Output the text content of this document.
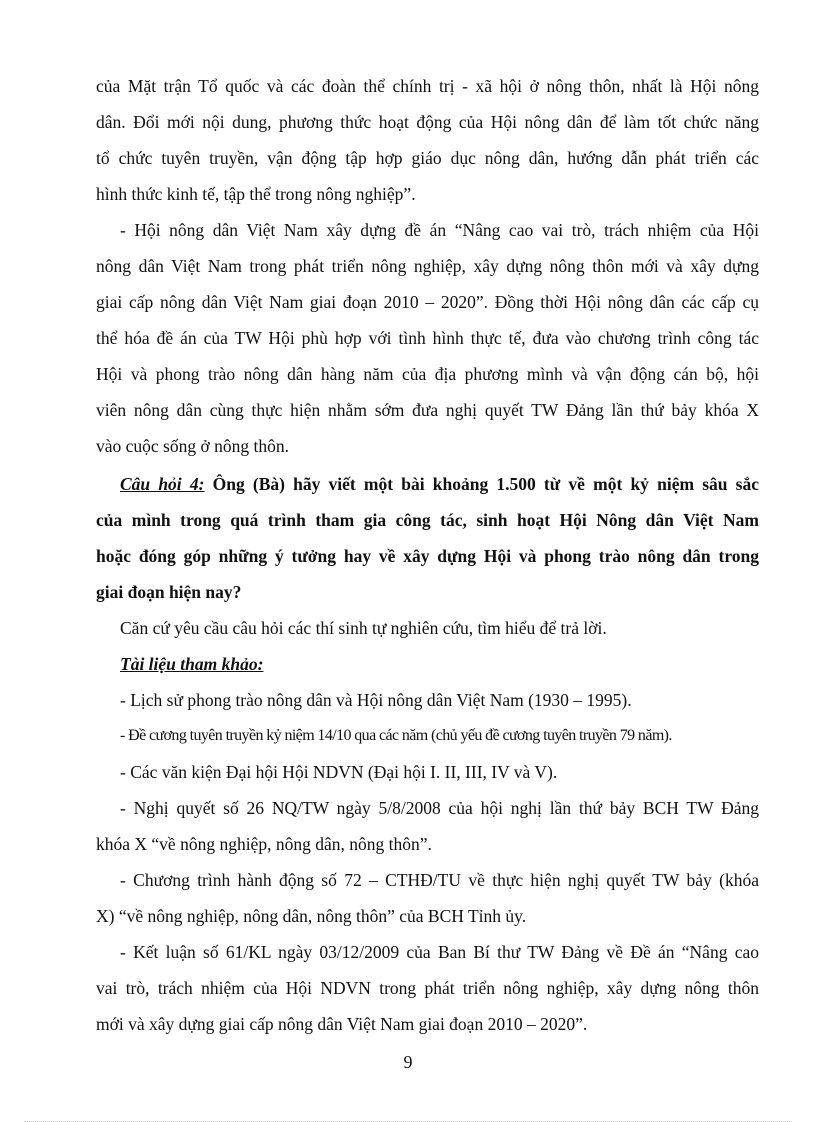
của Mặt trận Tổ quốc và các đoàn thể chính trị - xã hội ở nông thôn, nhất là Hội nông
dân. Đổi mới nội dung, phương thức hoạt động của Hội nông dân để làm tốt chức năng
tổ chức tuyên truyền, vận động tập hợp giáo dục nông dân, hướng dẫn phát triển các
hình thức kinh tế, tập thể trong nông nghiệp”.
- Hội nông dân Việt Nam xây dựng đề án “Nâng cao vai trò, trách nhiệm của Hội
nông dân Việt Nam trong phát triển nông nghiệp, xây dựng nông thôn mới và xây dựng
giai cấp nông dân Việt Nam giai đoạn 2010 – 2020”. Đồng thời Hội nông dân các cấp cụ
thể hóa đề án của TW Hội phù hợp với tình hình thực tế, đưa vào chương trình công tác
Hội và phong trào nông dân hàng năm của địa phương mình và vận động cán bộ, hội
viên nông dân cùng thực hiện nhằm sớm đưa nghị quyết TW Đảng lần thứ bảy khóa X
vào cuộc sống ở nông thôn.
Câu hỏi 4: Ông (Bà) hãy viết một bài khoảng 1.500 từ về một kỷ niệm sâu sắc
của mình trong quá trình tham gia công tác, sinh hoạt Hội Nông dân Việt Nam
hoặc đóng góp những ý tưởng hay về xây dựng Hội và phong trào nông dân trong
giai đoạn hiện nay?
Căn cứ yêu cầu câu hỏi các thí sinh tự nghiên cứu, tìm hiểu để trả lời.
Tài liệu tham khảo:
- Lịch sử phong trào nông dân và Hội nông dân Việt Nam (1930 – 1995).
- Đề cương tuyên truyền kỷ niệm 14/10 qua các năm (chủ yếu đề cương tuyên truyền 79 năm).
- Các văn kiện Đại hội Hội NDVN (Đại hội I. II, III, IV và V).
- Nghị quyết số 26 NQ/TW ngày 5/8/2008 của hội nghị lần thứ bảy BCH TW Đảng
khóa X “về nông nghiệp, nông dân, nông thôn”.
- Chương trình hành động số 72 – CTHĐ/TU về thực hiện nghị quyết TW bảy (khóa
X) “về nông nghiệp, nông dân, nông thôn” của BCH Tỉnh ủy.
- Kết luận số 61/KL ngày 03/12/2009 của Ban Bí thư TW Đảng về Đề án “Nâng cao
vai trò, trách nhiệm của Hội NDVN trong phát triển nông nghiệp, xây dựng nông thôn
mới và xây dựng giai cấp nông dân Việt Nam giai đoạn 2010 – 2020”.
9
